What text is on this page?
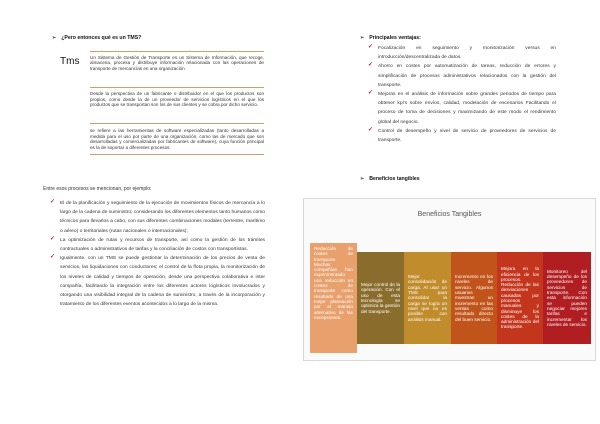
➢ ¿Pero entonces qué es un TMS?
Tms Un Sistema de Gestión de Transporte es un Sistema de Información, que recoge, almacena, procesa y distribuye información relacionada con las operaciones de transporte de mercancías en una organización
Desde la perspectiva de un fabricante o distribuidor en el que los productos son propios, como desde la de un proveedor de servicios logísticos en el que los productos que se transportan son los de sus clientes y se cobra por dicho servicio.
se refiere a las herramientas de software especializadas (tanto desarrolladas a medida para el uso por parte de una organización, como las de mercado que son desarrolladas y comercializadas por fabricantes de software), cuya función principal es la de soportar a diferentes procesos.
Entre esos procesos se mencionan, por ejemplo:
✓ El de la planificación y seguimiento de la ejecución de movimientos físicos de mercancía a lo largo de la cadena de suministro; considerando los diferentes elementos tanto humanos como técnicos para llevarlos a cabo, con sus diferentes combinaciones modales (terrestre, marítimo o aéreo) o territoriales (rutas nacionales o internacionales);
✓ La optimización de rutas y recursos de transporte, así como la gestión de los trámites contractuales o administrativos de tarifas y la conciliación de costos con transportistas.
✓ Igualmente, con un TMS se puede gestionar la determinación de los precios de venta de servicios, las liquidaciones con conductores; el control de la flota propia, la monitorización de los niveles de calidad y tiempos de operación, desde una perspectiva colaborativa e inter compañía, facilitando la integración entre los diferentes actores logísticos involucrados y otorgando una visibilidad integral de la cadena de suministro, a través de la incorporación y tratamiento de los diferentes eventos acontecidos a lo largo de la misma.
➢ Principales ventajas:
✓ Focalización en seguimiento y monitorización versus en introducción/descentralizada de datos.
✓ Ahorro en costes por automatización de tareas, reducción de errores y simplificación de procesos administrativos relacionados con la gestión del transporte.
✓ Mejoras en el análisis de información sobre grandes periodos de tiempo para obtener kpi's sobre envíos, calidad, modelación de escenarios Facilitando el proceso de toma de decisiones y maximizando de este modo el rendimiento global del negocio.
✓ Control de desempeño y nivel de servicio de proveedores de servicios de transporte.
➢ Beneficios tangibles
Beneficios Tangibles
Reducción de costes de transporte. Muchas compañías han experimentado una reducción en costes de transporte como resultado de una mejor planeación por el manejo alternativo de las excepciones.
Mejor control de la operación. Con el uso de esta tecnología se optimiza la gestión del transporte.
Mejor consolidación de carga. Al usar un TMS para consolidar la carga se logra un nivel que no es posible con análisis manual.
Incremento en los niveles de servicio. Algunos usuarios muestran un incremento en las ventas como resultado directo del buen servicio.
Mejora en la eficiencia de los procesos. Reducción de las desviaciones causadas por procesos manuales y disminuye los costes de la administración del transporte.
Monitoreo del desempeño de los proveedores de servicios de transporte. Con esta información se pueden negociar mejores tarifas e incrementar los niveles de servicio.
